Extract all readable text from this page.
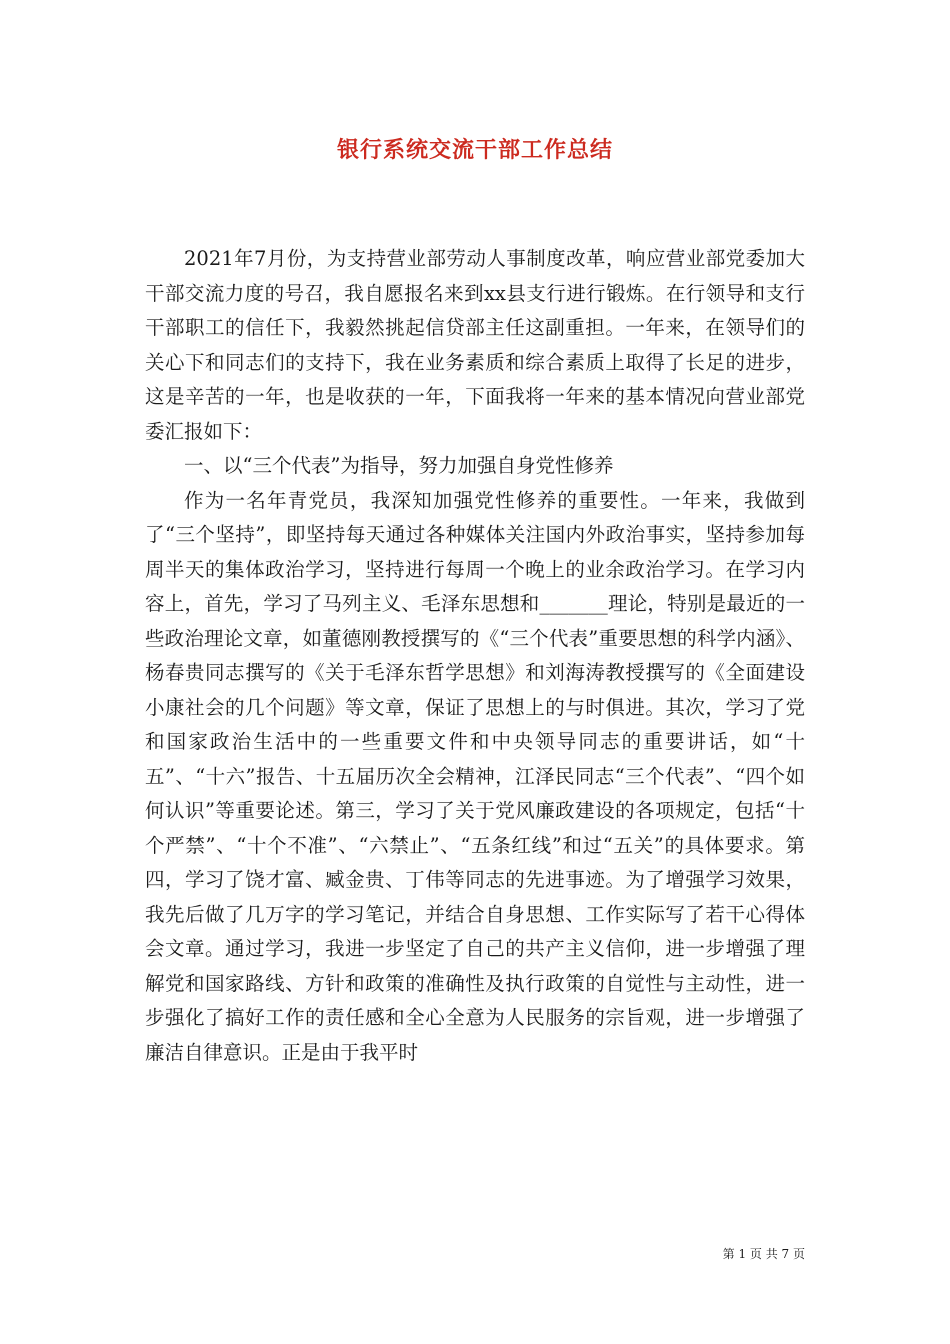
银行系统交流干部工作总结

2021年7月份，为支持营业部劳动人事制度改革，响应营业部党委加大干部交流力度的号召，我自愿报名来到xx县支行进行锻炼。在行领导和支行干部职工的信任下，我毅然挑起信贷部主任这副重担。一年来，在领导们的关心下和同志们的支持下，我在业务素质和综合素质上取得了长足的进步，这是辛苦的一年，也是收获的一年，下面我将一年来的基本情况向营业部党委汇报如下：

一、以“三个代表”为指导，努力加强自身党性修养

作为一名年青党员，我深知加强党性修养的重要性。一年来，我做到了“三个坚持”，即坚持每天通过各种媒体关注国内外政治事实，坚持参加每周半天的集体政治学习，坚持进行每周一个晚上的业余政治学习。在学习内容上，首先，学习了马列主义、毛泽东思想和_______理论，特别是最近的一些政治理论文章，如董德刚教授撰写的《“三个代表”重要思想的科学内涵》、杨春贵同志撰写的《关于毛泽东哲学思想》和刘海涛教授撰写的《全面建设小康社会的几个问题》等文章，保证了思想上的与时俱进。其次，学习了党和国家政治生活中的一些重要文件和中央领导同志的重要讲话，如“十五”、“十六”报告、十五届历次全会精神，江泽民同志“三个代表”、“四个如何认识”等重要论述。第三，学习了关于党风廉政建设的各项规定，包括“十个严禁”、“十个不准”、“六禁止”、“五条红线”和过“五关”的具体要求。第四，学习了饶才富、臧金贵、丁伟等同志的先进事迹。为了增强学习效果，我先后做了几万字的学习笔记，并结合自身思想、工作实际写了若干心得体会文章。通过学习，我进一步坚定了自己的共产主义信仰，进一步增强了理解党和国家路线、方针和政策的准确性及执行政策的自觉性与主动性，进一步强化了搞好工作的责任感和全心全意为人民服务的宗旨观，进一步增强了廉洁自律意识。正是由于我平时

第 1 页 共 7 页
